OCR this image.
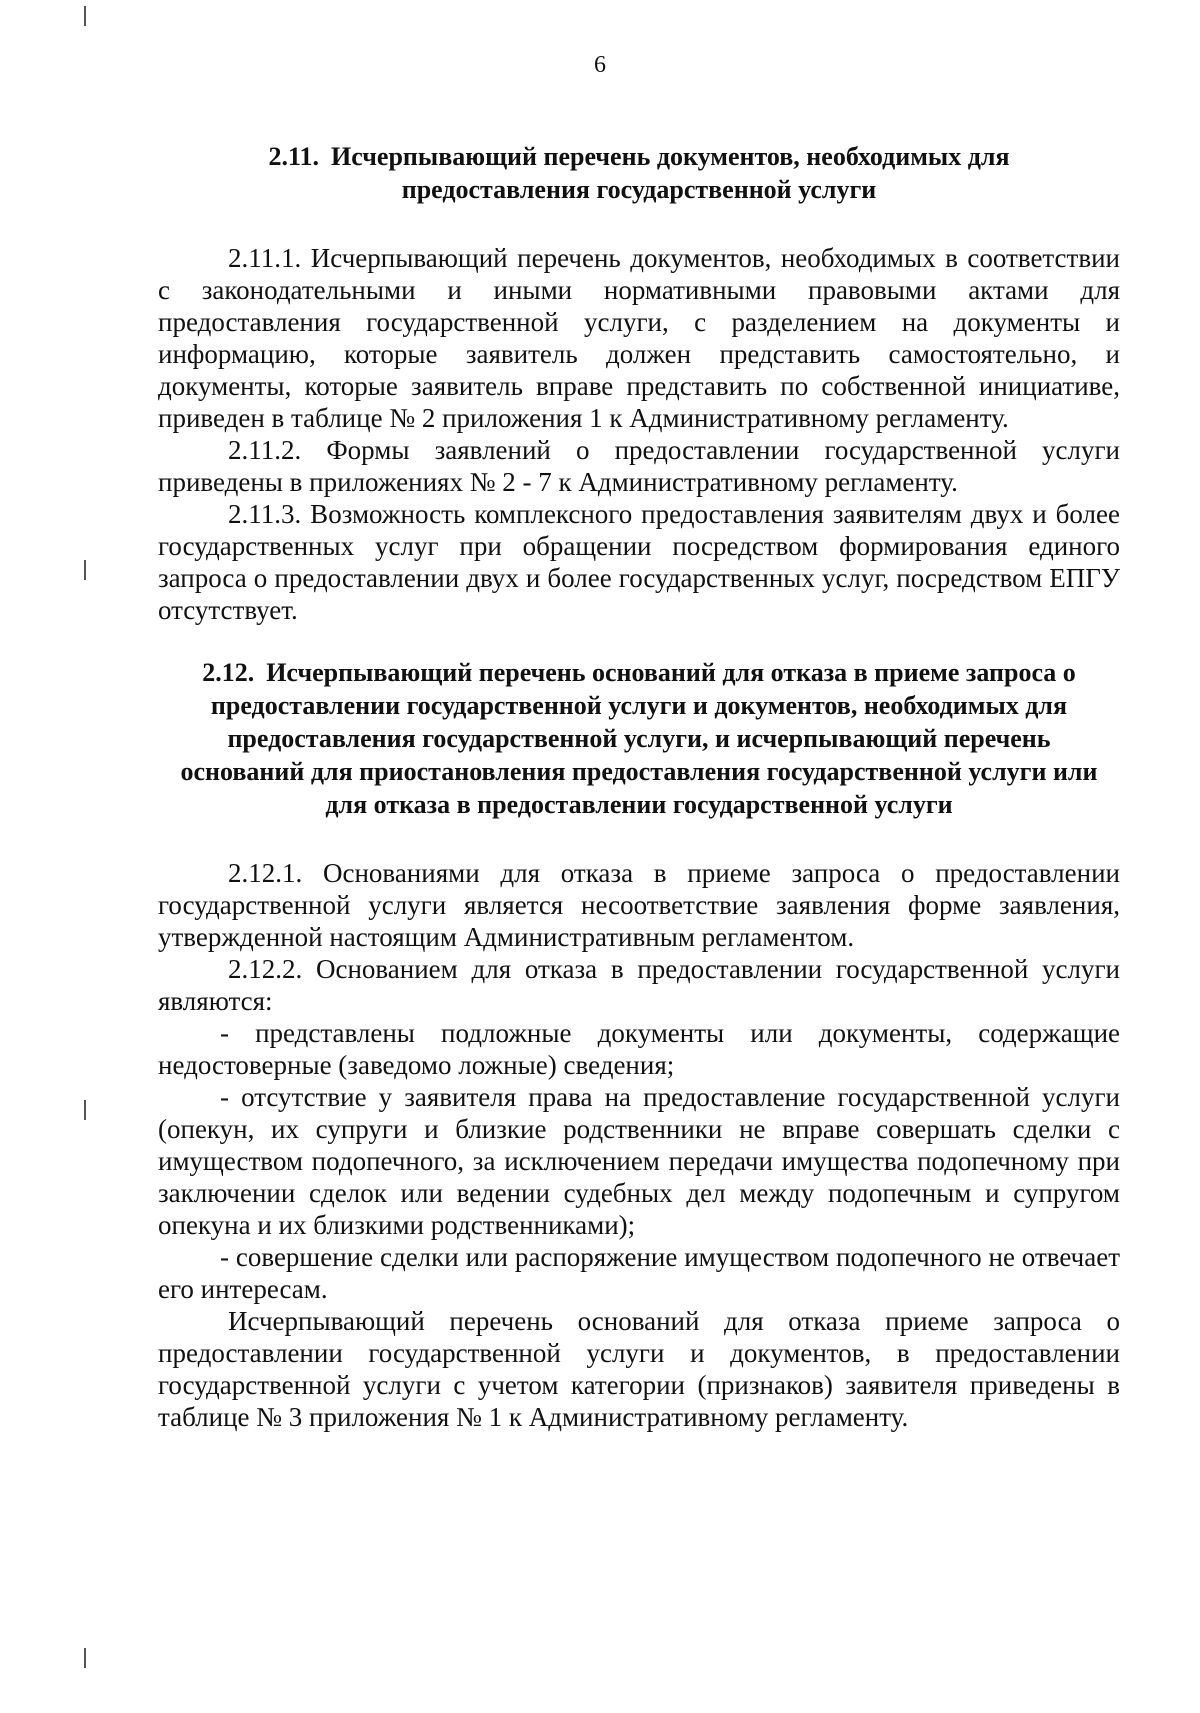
6
2.11. Исчерпывающий перечень документов, необходимых для предоставления государственной услуги

2.11.1. Исчерпывающий перечень документов, необходимых в соответствии с законодательными и иными нормативными правовыми актами для предоставления государственной услуги, с разделением на документы и информацию, которые заявитель должен представить самостоятельно, и документы, которые заявитель вправе представить по собственной инициативе, приведен в таблице № 2 приложения 1 к Административному регламенту.

2.11.2. Формы заявлений о предоставлении государственной услуги приведены в приложениях № 2 - 7 к Административному регламенту.

2.11.3. Возможность комплексного предоставления заявителям двух и более государственных услуг при обращении посредством формирования единого запроса о предоставлении двух и более государственных услуг, посредством ЕПГУ отсутствует.

2.12. Исчерпывающий перечень оснований для отказа в приеме запроса о предоставлении государственной услуги и документов, необходимых для предоставления государственной услуги, и исчерпывающий перечень оснований для приостановления предоставления государственной услуги или для отказа в предоставлении государственной услуги

2.12.1. Основаниями для отказа в приеме запроса о предоставлении государственной услуги является несоответствие заявления форме заявления, утвержденной настоящим Административным регламентом.

2.12.2. Основанием для отказа в предоставлении государственной услуги являются:

- представлены подложные документы или документы, содержащие недостоверные (заведомо ложные) сведения;

- отсутствие у заявителя права на предоставление государственной услуги (опекун, их супруги и близкие родственники не вправе совершать сделки с имуществом подопечного, за исключением передачи имущества подопечному при заключении сделок или ведении судебных дел между подопечным и супругом опекуна и их близкими родственниками);

- совершение сделки или распоряжение имуществом подопечного не отвечает его интересам.

Исчерпывающий перечень оснований для отказа приеме запроса о предоставлении государственной услуги и документов, в предоставлении государственной услуги с учетом категории (признаков) заявителя приведены в таблице № 3 приложения № 1 к Административному регламенту.
